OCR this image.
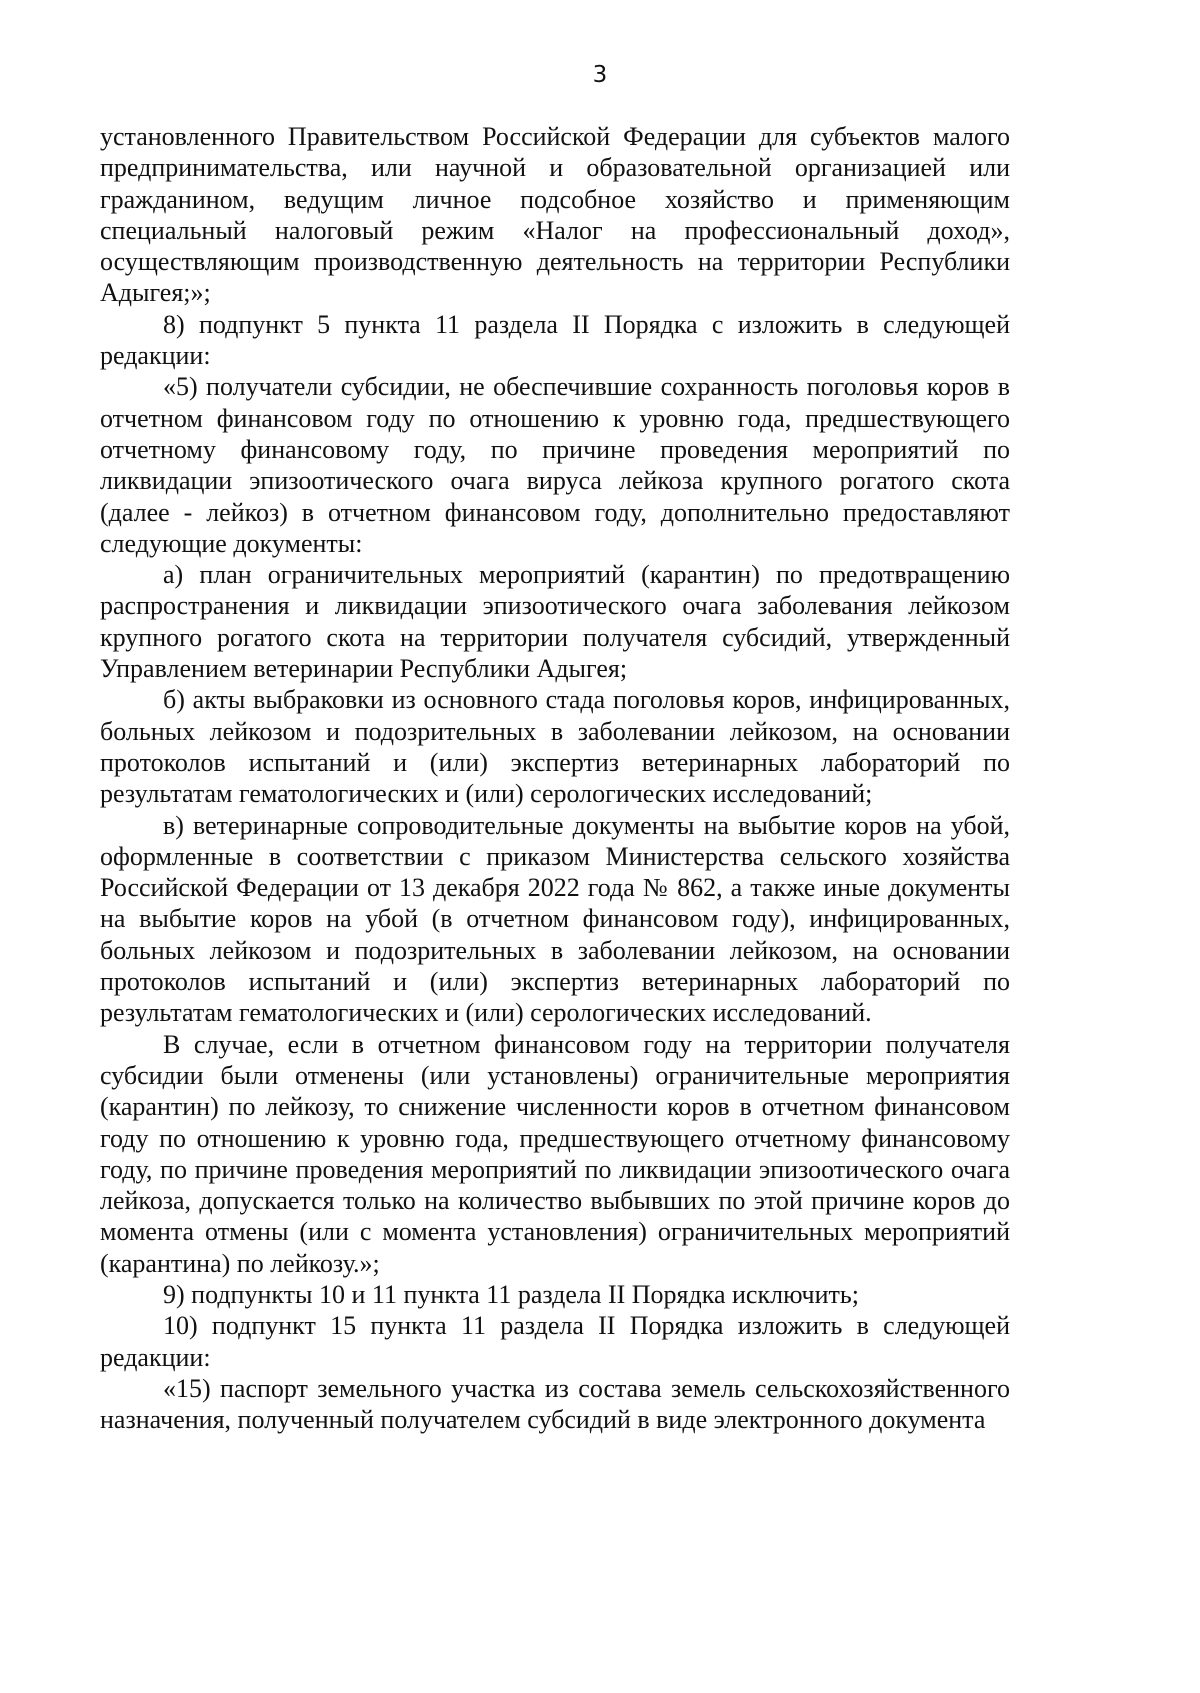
3

установленного Правительством Российской Федерации для субъектов малого предпринимательства, или научной и образовательной организацией или гражданином, ведущим личное подсобное хозяйство и применяющим специальный налоговый режим «Налог на профессиональный доход», осуществляющим производственную деятельность на территории Республики Адыгея;»;

8) подпункт 5 пункта 11 раздела II Порядка с изложить в следующей редакции:

«5) получатели субсидии, не обеспечившие сохранность поголовья коров в отчетном финансовом году по отношению к уровню года, предшествующего отчетному финансовому году, по причине проведения мероприятий по ликвидации эпизоотического очага вируса лейкоза крупного рогатого скота (далее - лейкоз) в отчетном финансовом году, дополнительно предоставляют следующие документы:

а) план ограничительных мероприятий (карантин) по предотвращению распространения и ликвидации эпизоотического очага заболевания лейкозом крупного рогатого скота на территории получателя субсидий, утвержденный Управлением ветеринарии Республики Адыгея;

б) акты выбраковки из основного стада поголовья коров, инфицированных, больных лейкозом и подозрительных в заболевании лейкозом, на основании протоколов испытаний и (или) экспертиз ветеринарных лабораторий по результатам гематологических и (или) серологических исследований;

в) ветеринарные сопроводительные документы на выбытие коров на убой, оформленные в соответствии с приказом Министерства сельского хозяйства Российской Федерации от 13 декабря 2022 года № 862, а также иные документы на выбытие коров на убой (в отчетном финансовом году), инфицированных, больных лейкозом и подозрительных в заболевании лейкозом, на основании протоколов испытаний и (или) экспертиз ветеринарных лабораторий по результатам гематологических и (или) серологических исследований.

В случае, если в отчетном финансовом году на территории получателя субсидии были отменены (или установлены) ограничительные мероприятия (карантин) по лейкозу, то снижение численности коров в отчетном финансовом году по отношению к уровню года, предшествующего отчетному финансовому году, по причине проведения мероприятий по ликвидации эпизоотического очага лейкоза, допускается только на количество выбывших по этой причине коров до момента отмены (или с момента установления) ограничительных мероприятий (карантина) по лейкозу.»;

9) подпункты 10 и 11 пункта 11 раздела II Порядка исключить;

10) подпункт 15 пункта 11 раздела II Порядка изложить в следующей редакции:

«15) паспорт земельного участка из состава земель сельскохозяйственного назначения, полученный получателем субсидий в виде электронного документа
